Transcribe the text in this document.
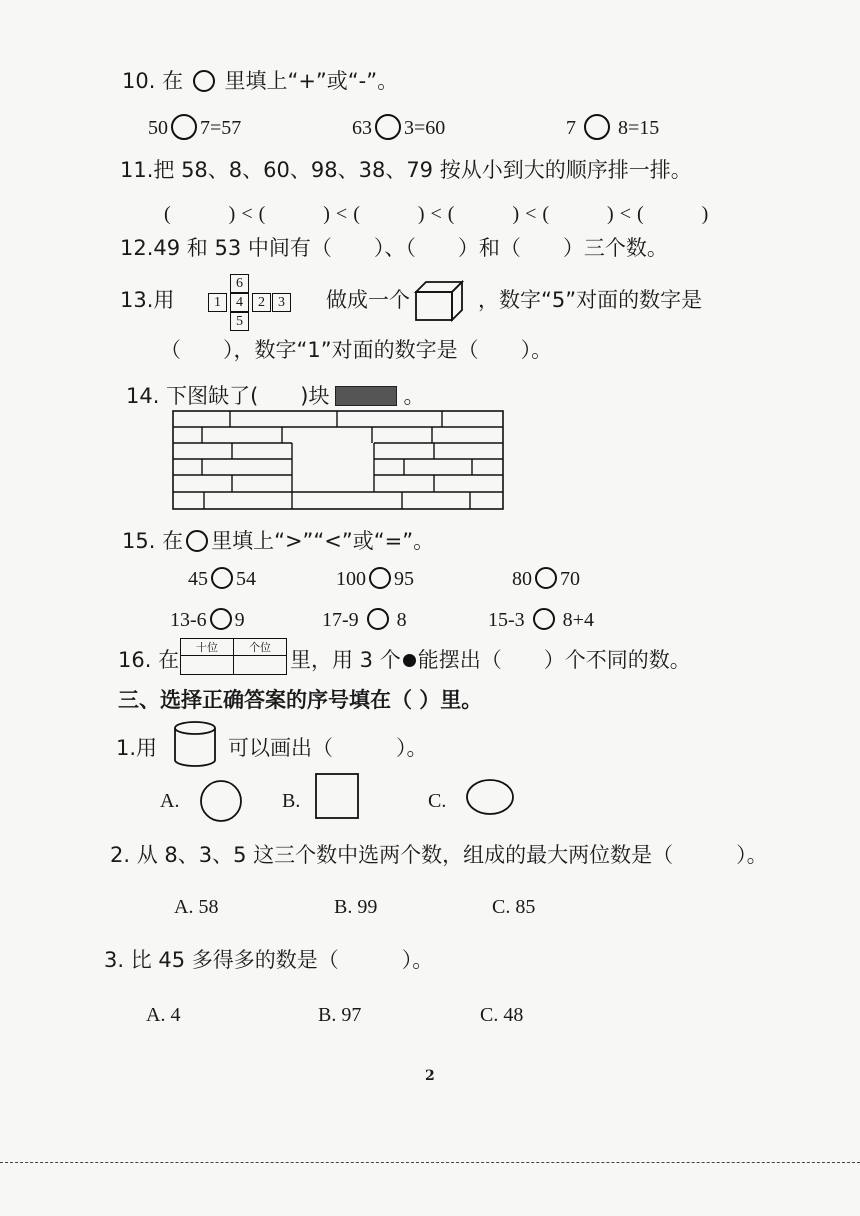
10. 在 里填上“+”或“-”。
50 7=57	63 3=60	7 8=15
11.把 58、8、60、98、38、79 按从小到大的顺序排一排。
(　　)<(　　)<(　　)<(　　)<(　　)<(　　)
12.49 和 53 中间有（　　）、（　　）和（　　）三个数。
13.用
6
1	4	2 3
5
做成一个	，数字“5”对面的数字是
（　　），数字“1”对面的数字是（　　）。
14. 下图缺了(　　)块	。
15. 在 里填上“>”“<”或“=”。
45 54	100 95	80 70
13-6 9	17-9 8	15-3 8+4
16. 在
十位	个位

里，用 3 个 能摆出（　　）个不同的数。
三、选择正确答案的序号填在（ ）里。
1.用	可以画出（　　　）。
A.	B.	C.
2. 从 8、3、5 这三个数中选两个数，组成的最大两位数是（　　　）。
A. 58	B. 99	C. 85
3. 比 45 多得多的数是（　　　）。
A. 4	B. 97	C. 48
2
